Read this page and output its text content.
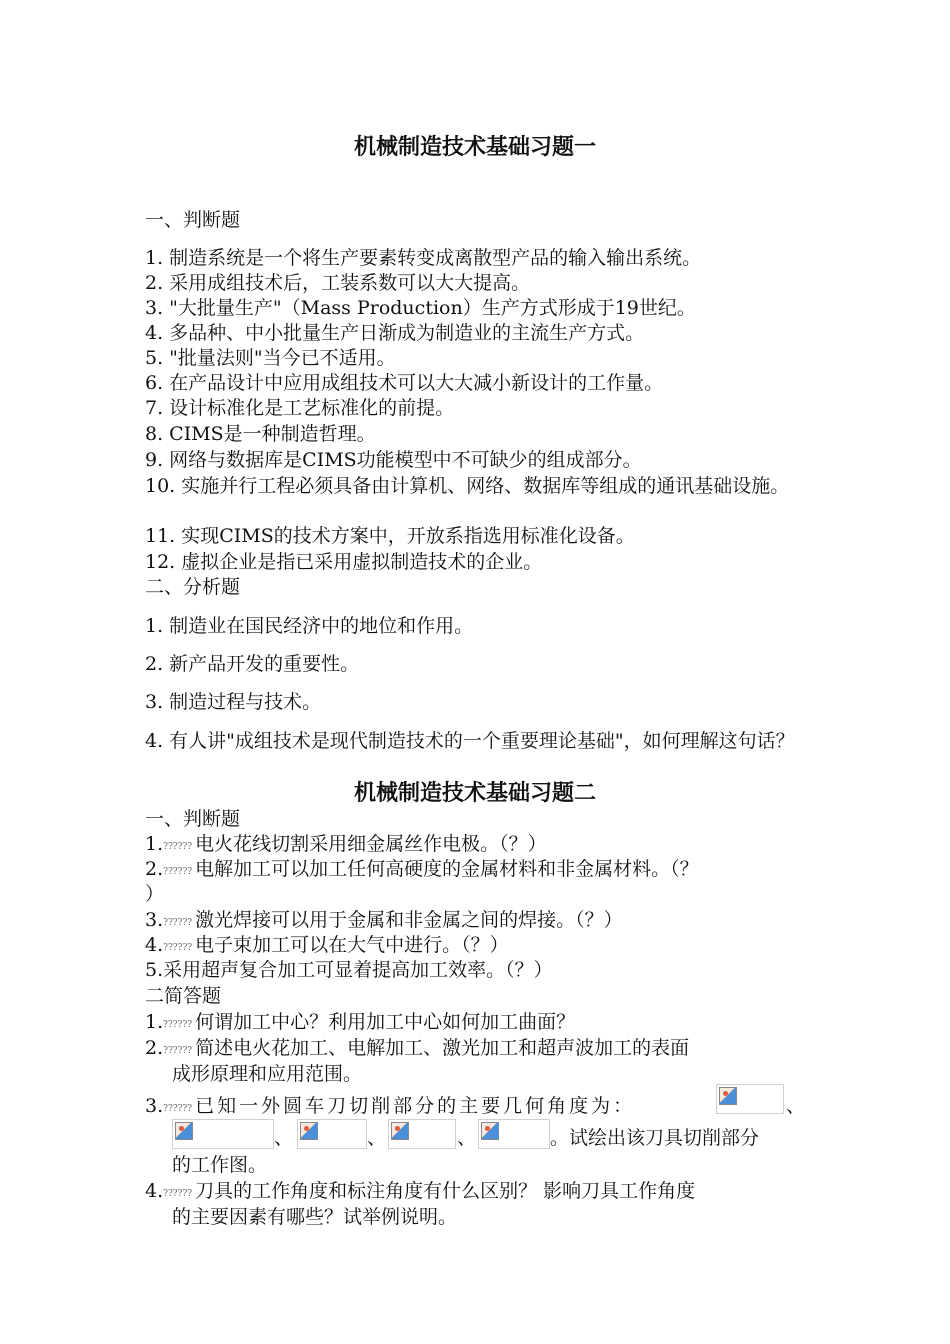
机械制造技术基础习题一
一、判断题
1. 制造系统是一个将生产要素转变成离散型产品的输入输出系统。
2. 采用成组技术后，工装系数可以大大提高。
3. "大批量生产"（Mass Production）生产方式形成于19世纪。
4. 多品种、中小批量生产日渐成为制造业的主流生产方式。
5. "批量法则"当今已不适用。
6. 在产品设计中应用成组技术可以大大减小新设计的工作量。
7. 设计标准化是工艺标准化的前提。
8. CIMS是一种制造哲理。
9. 网络与数据库是CIMS功能模型中不可缺少的组成部分。
10. 实施并行工程必须具备由计算机、网络、数据库等组成的通讯基础设施。
11. 实现CIMS的技术方案中，开放系指选用标准化设备。
12. 虚拟企业是指已采用虚拟制造技术的企业。
二、分析题
1. 制造业在国民经济中的地位和作用。
2. 新产品开发的重要性。
3. 制造过程与技术。
4. 有人讲"成组技术是现代制造技术的一个重要理论基础"，如何理解这句话？
机械制造技术基础习题二
一、判断题
1.?????? 电火花线切割采用细金属丝作电极。（？）
2.?????? 电解加工可以加工任何高硬度的金属材料和非金属材料。（？
）
3.?????? 激光焊接可以用于金属和非金属之间的焊接。（？）
4.?????? 电子束加工可以在大气中进行。（？）
5.采用超声复合加工可显着提高加工效率。（？）
二简答题
1.?????? 何谓加工中心？利用加工中心如何加工曲面？
2.?????? 简述电火花加工、电解加工、激光加工和超声波加工的表面
成形原理和应用范围。
3.?????? 已知一外圆车刀切削部分的主要几何角度为：	、
、	、	、	。试绘出该刀具切削部分
的工作图。
4.?????? 刀具的工作角度和标注角度有什么区别？ 影响刀具工作角度
的主要因素有哪些？试举例说明。
